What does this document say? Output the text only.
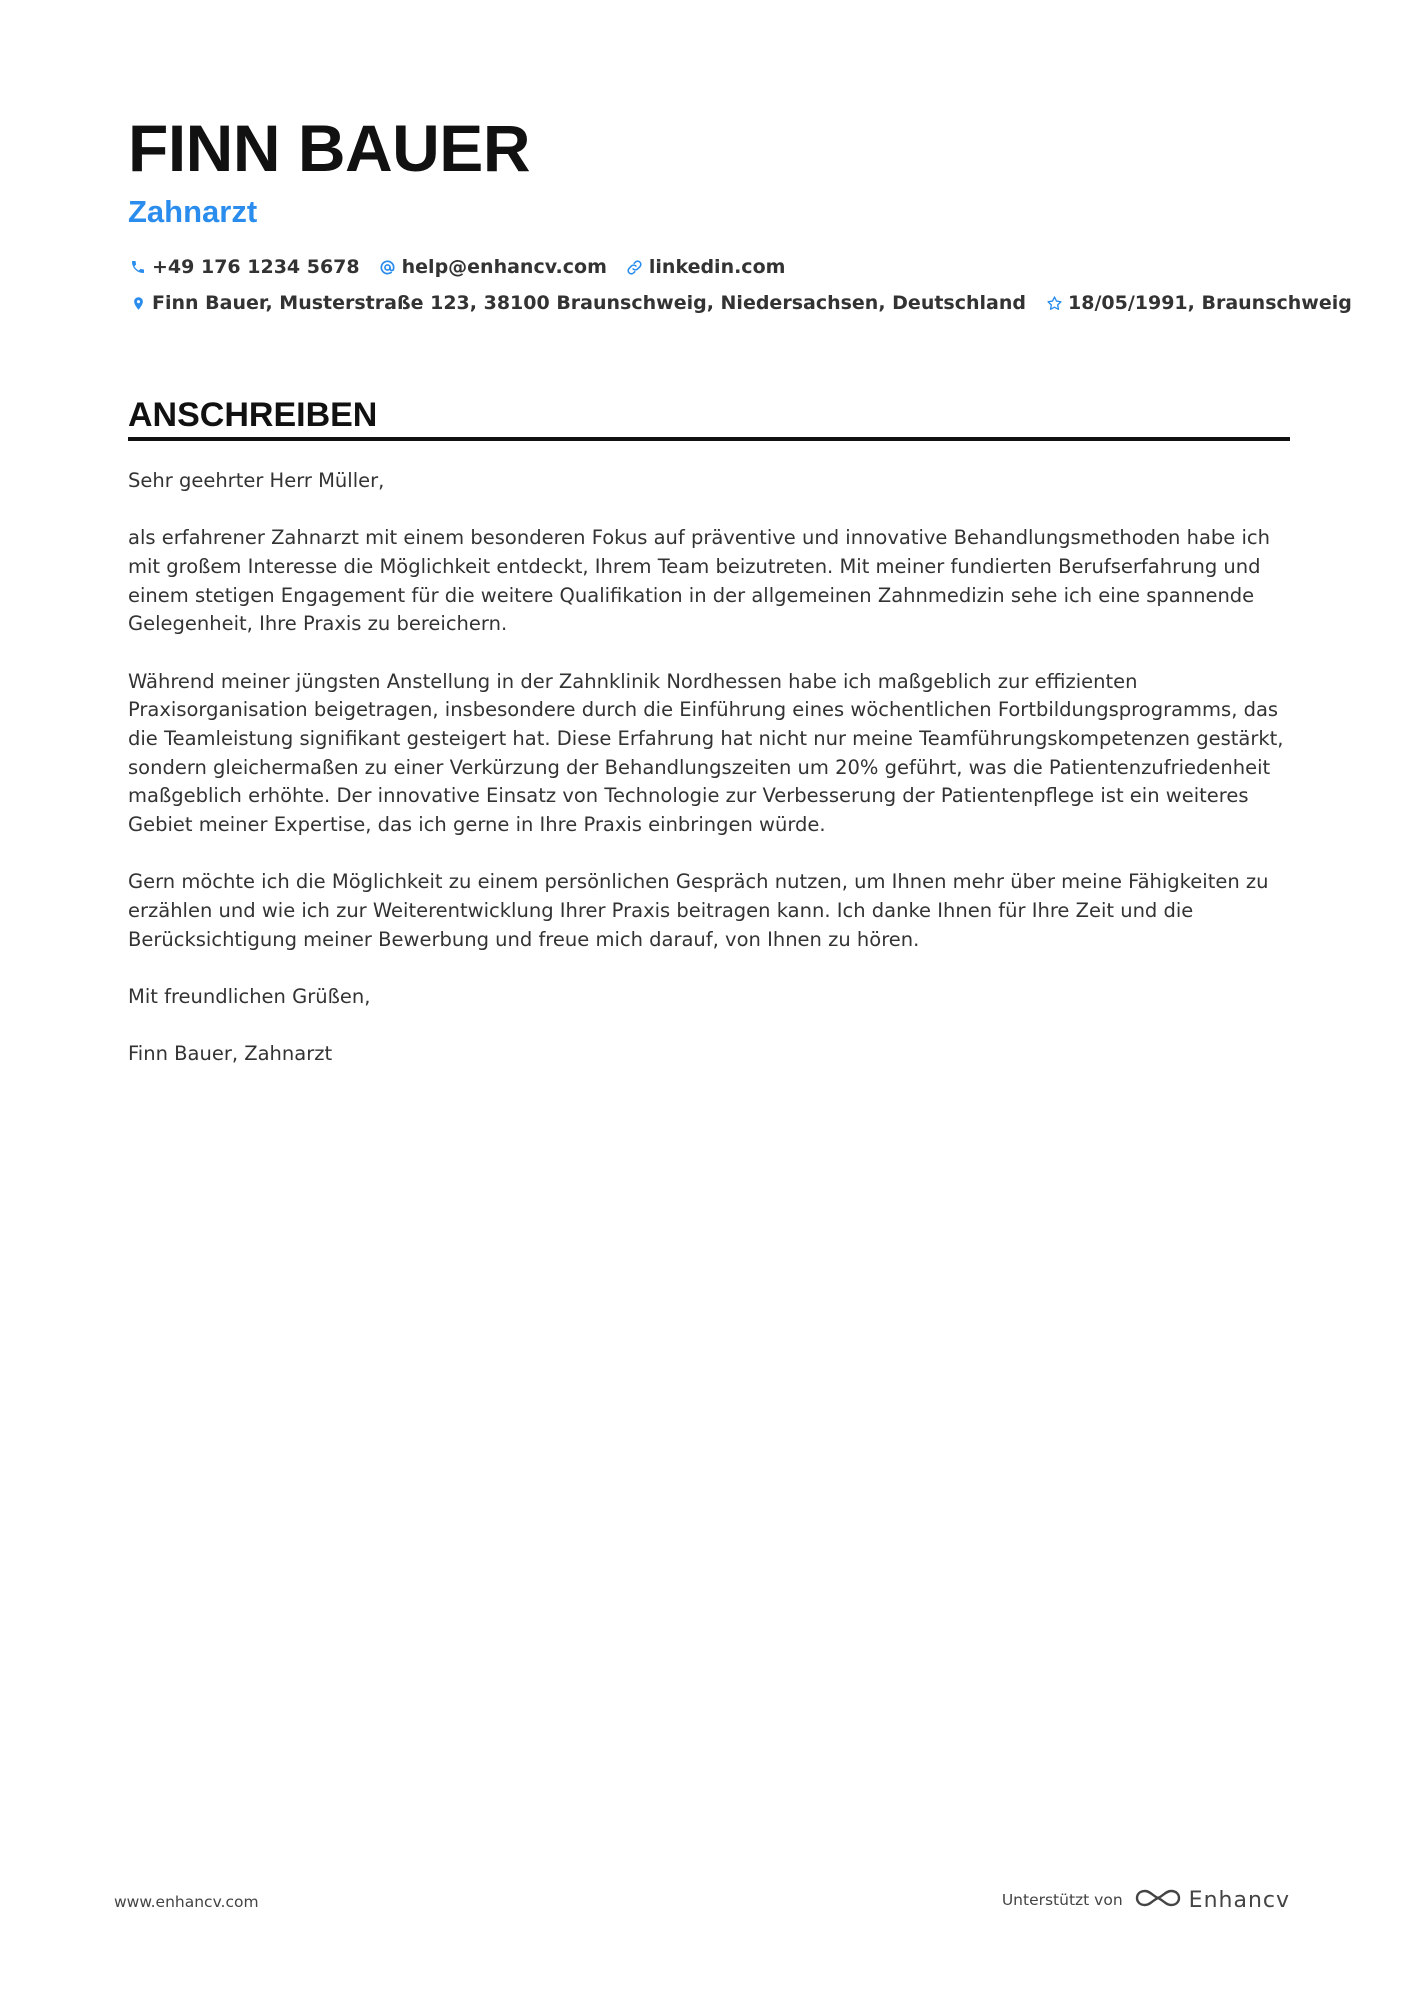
FINN BAUER
Zahnarzt
+49 176 1234 5678 help@enhancv.com linkedin.com
Finn Bauer, Musterstraße 123, 38100 Braunschweig, Niedersachsen, Deutschland 18/05/1991, Braunschweig
ANSCHREIBEN

Sehr geehrter Herr Müller,

als erfahrener Zahnarzt mit einem besonderen Fokus auf präventive und innovative Behandlungsmethoden habe ich mit großem Interesse die Möglichkeit entdeckt, Ihrem Team beizutreten. Mit meiner fundierten Berufserfahrung und einem stetigen Engagement für die weitere Qualifikation in der allgemeinen Zahnmedizin sehe ich eine spannende Gelegenheit, Ihre Praxis zu bereichern.

Während meiner jüngsten Anstellung in der Zahnklinik Nordhessen habe ich maßgeblich zur effizienten Praxisorganisation beigetragen, insbesondere durch die Einführung eines wöchentlichen Fortbildungsprogramms, das die Teamleistung signifikant gesteigert hat. Diese Erfahrung hat nicht nur meine Teamführungskompetenzen gestärkt, sondern gleichermaßen zu einer Verkürzung der Behandlungszeiten um 20% geführt, was die Patientenzufriedenheit maßgeblich erhöhte. Der innovative Einsatz von Technologie zur Verbesserung der Patientenpflege ist ein weiteres Gebiet meiner Expertise, das ich gerne in Ihre Praxis einbringen würde.

Gern möchte ich die Möglichkeit zu einem persönlichen Gespräch nutzen, um Ihnen mehr über meine Fähigkeiten zu erzählen und wie ich zur Weiterentwicklung Ihrer Praxis beitragen kann. Ich danke Ihnen für Ihre Zeit und die Berücksichtigung meiner Bewerbung und freue mich darauf, von Ihnen zu hören.

Mit freundlichen Grüßen,

Finn Bauer, Zahnarzt

www.enhancv.com	Unterstützt von	Enhancv
